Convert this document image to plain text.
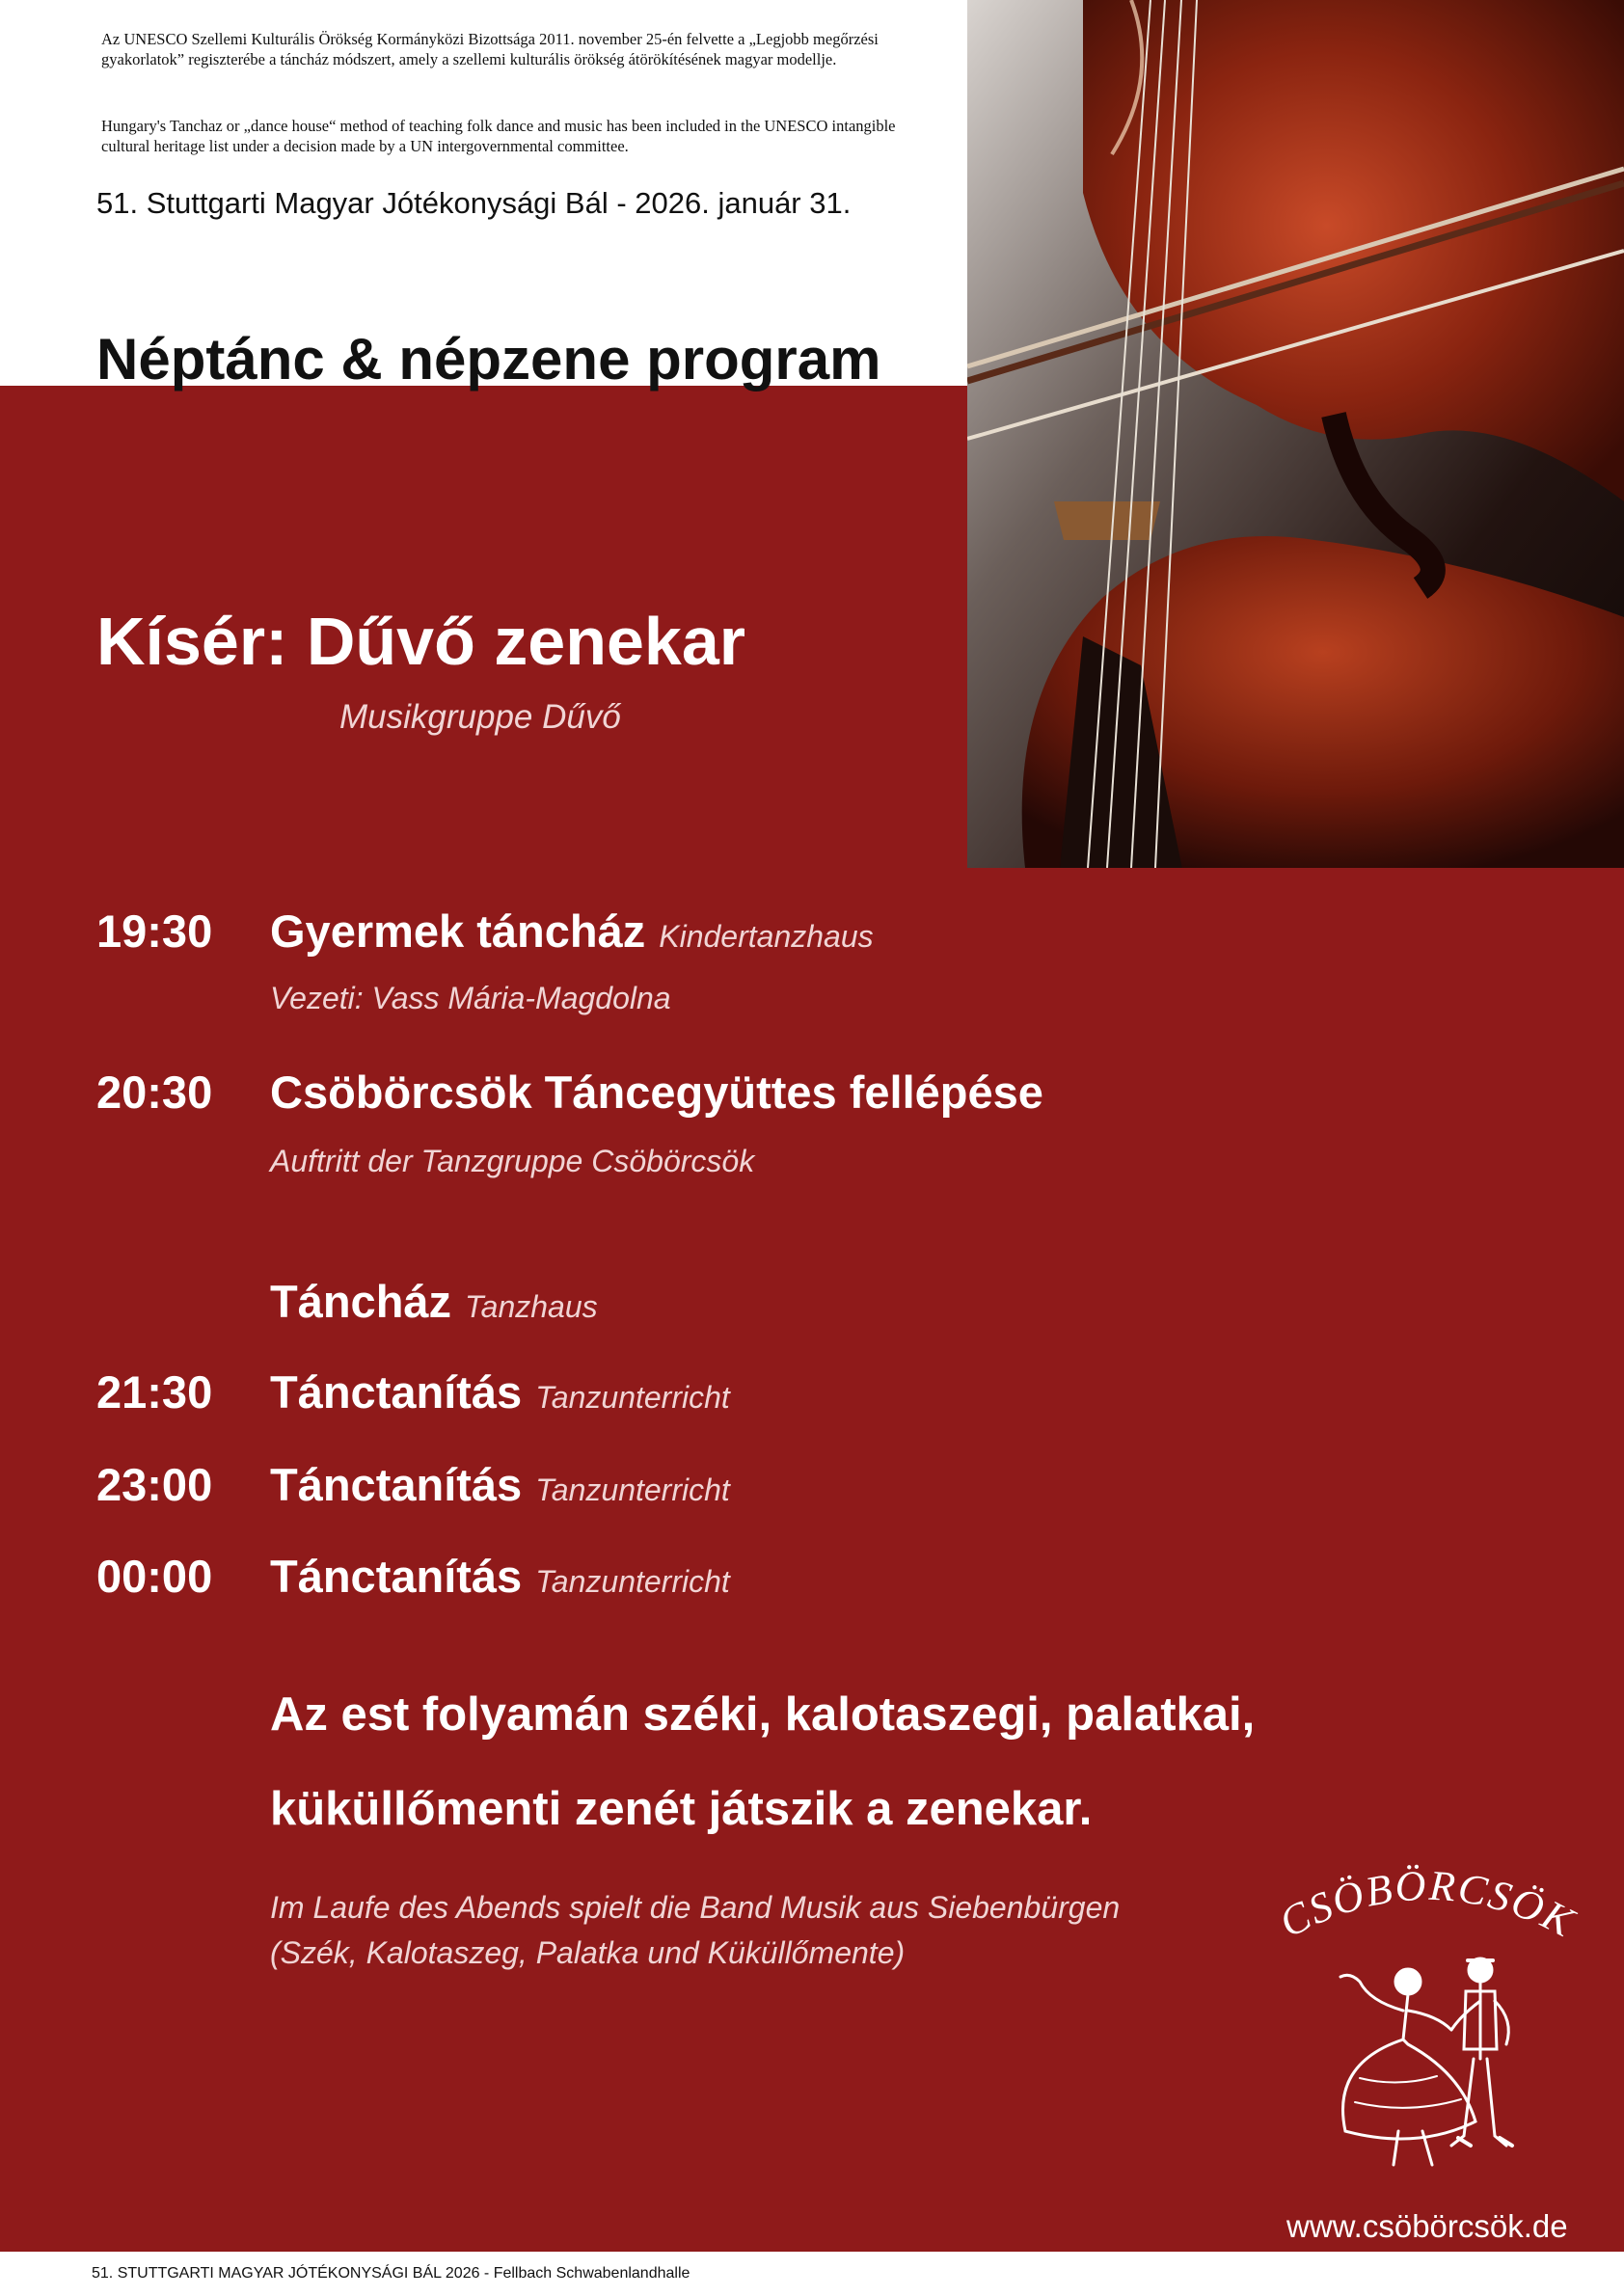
Az UNESCO Szellemi Kulturális Örökség Kormányközi Bizottsága 2011. november 25-én felvette a „Legjobb megőrzési gyakorlatok” regiszterébe a táncház módszert, amely a szellemi kulturális örökség átörökítésének magyar modellje.

Hungary's Tanchaz or „dance house“ method of teaching folk dance and music has been included in the UNESCO intangible cultural heritage list under a decision made by a UN intergovernmental committee.

51. Stuttgarti Magyar Jótékonysági Bál - 2026. január 31.

Néptánc & népzene program
Kísér: Dűvő zenekar

Musikgruppe Dűvő

19:30 Gyermek táncház Kindertanzhaus
Vezeti: Vass Mária-Magdolna
20:30 Csöbörcsök Táncegyüttes fellépése
Auftritt der Tanzgruppe Csöbörcsök
Táncház Tanzhaus
21:30 Tánctanítás Tanzunterricht
23:00 Tánctanítás Tanzunterricht
00:00 Tánctanítás Tanzunterricht
Az est folyamán széki, kalotaszegi, palatkai,
küküllőmenti zenét játszik a zenekar.
Im Laufe des Abends spielt die Band Musik aus Siebenbürgen
(Szék, Kalotaszeg, Palatka und Küküllőmente)
CSÖBÖRCSÖK
www.csöbörcsök.de
51. STUTTGARTI MAGYAR JÓTÉKONYSÁGI BÁL 2026 - Fellbach Schwabenlandhalle
